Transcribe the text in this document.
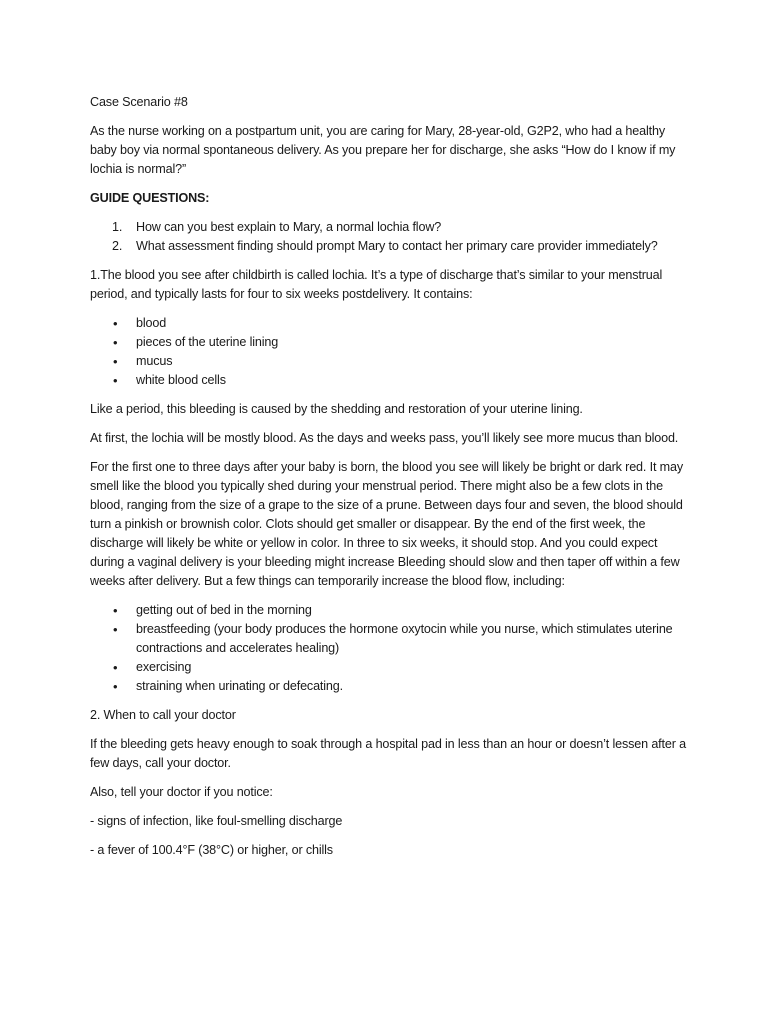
Case Scenario #8

As the nurse working on a postpartum unit, you are caring for Mary, 28-year-old, G2P2, who had a healthy baby boy via normal spontaneous delivery. As you prepare her for discharge, she asks “How do I know if my lochia is normal?”

GUIDE QUESTIONS:

1. How can you best explain to Mary, a normal lochia flow?
2. What assessment finding should prompt Mary to contact her primary care provider immediately?

1.The blood you see after childbirth is called lochia. It’s a type of discharge that’s similar to your menstrual period, and typically lasts for four to six weeks postdelivery. It contains:

• blood
• pieces of the uterine lining
• mucus
• white blood cells

Like a period, this bleeding is caused by the shedding and restoration of your uterine lining.

At first, the lochia will be mostly blood. As the days and weeks pass, you’ll likely see more mucus than blood.

For the first one to three days after your baby is born, the blood you see will likely be bright or dark red. It may smell like the blood you typically shed during your menstrual period. There might also be a few clots in the blood, ranging from the size of a grape to the size of a prune. Between days four and seven, the blood should turn a pinkish or brownish color. Clots should get smaller or disappear. By the end of the first week, the discharge will likely be white or yellow in color. In three to six weeks, it should stop. And you could expect during a vaginal delivery is your bleeding might increase Bleeding should slow and then taper off within a few weeks after delivery. But a few things can temporarily increase the blood flow, including:

• getting out of bed in the morning
• breastfeeding (your body produces the hormone oxytocin while you nurse, which stimulates uterine contractions and accelerates healing)
• exercising
• straining when urinating or defecating.

2. When to call your doctor

If the bleeding gets heavy enough to soak through a hospital pad in less than an hour or doesn’t lessen after a few days, call your doctor.

Also, tell your doctor if you notice:

- signs of infection, like foul-smelling discharge

- a fever of 100.4°F (38°C) or higher, or chills
